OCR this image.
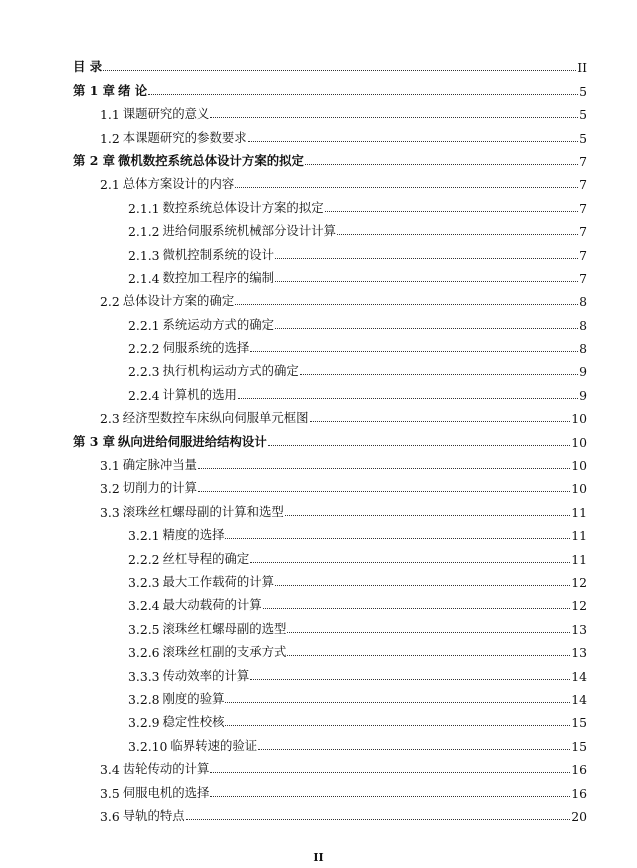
目 录	II
第 1 章 绪 论	5
1.1 课题研究的意义	5
1.2 本课题研究的参数要求	5
第 2 章 微机数控系统总体设计方案的拟定	7
2.1 总体方案设计的内容	7
2.1.1 数控系统总体设计方案的拟定	7
2.1.2 进给伺服系统机械部分设计计算	7
2.1.3 微机控制系统的设计	7
2.1.4 数控加工程序的编制	7
2.2 总体设计方案的确定	8
2.2.1 系统运动方式的确定	8
2.2.2 伺服系统的选择	8
2.2.3 执行机构运动方式的确定	9
2.2.4 计算机的选用	9
2.3 经济型数控车床纵向伺服单元框图	10
第 3 章 纵向进给伺服进给结构设计	10
3.1 确定脉冲当量	10
3.2 切削力的计算	10
3.3 滚珠丝杠螺母副的计算和选型	11
3.2.1 精度的选择	11
2.2.2 丝杠导程的确定	11
3.2.3 最大工作载荷的计算	12
3.2.4 最大动载荷的计算	12
3.2.5 滚珠丝杠螺母副的选型	13
3.2.6 滚珠丝杠副的支承方式	13
3.3.3 传动效率的计算	14
3.2.8 刚度的验算	14
3.2.9 稳定性校核	15
3.2.10 临界转速的验证	15
3.4 齿轮传动的计算	16
3.5 伺服电机的选择	16
3.6 导轨的特点	20
II
